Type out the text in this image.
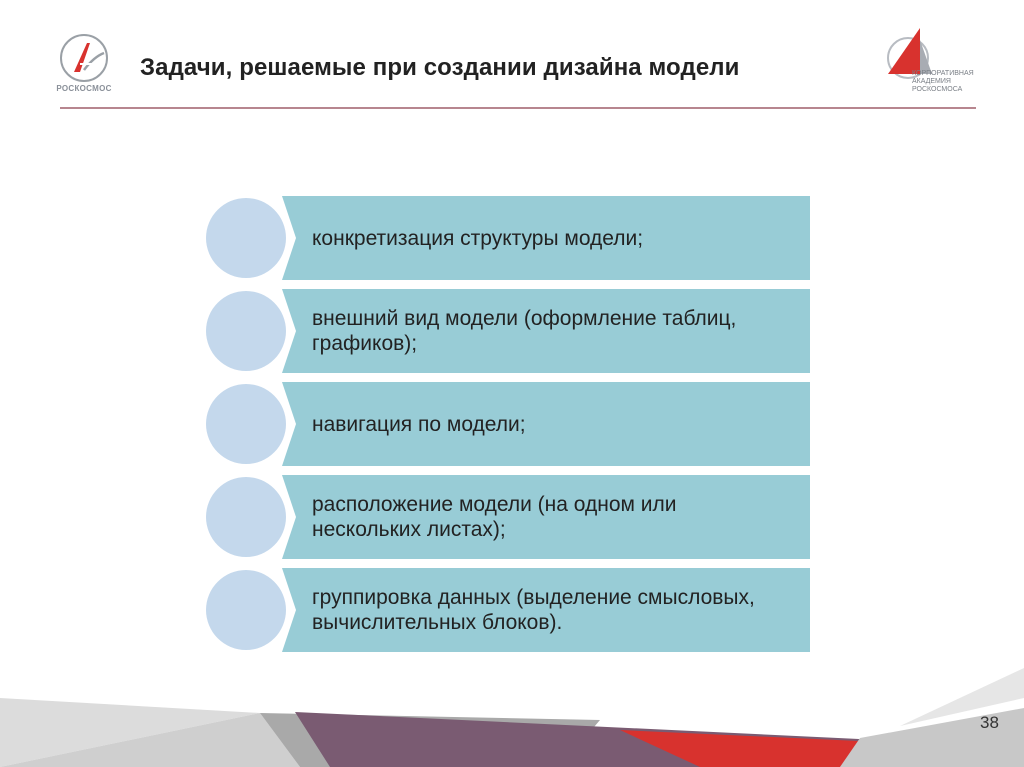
РОСКОСМОС
Задачи, решаемые при создании дизайна модели	КОРПОРАТИВНАЯ
АКАДЕМИЯ
РОСКОСМОСА
конкретизация структуры модели;
внешний вид модели (оформление таблиц, графиков);
навигация по модели;
расположение модели (на одном или нескольких листах);
группировка данных (выделение смысловых, вычислительных блоков).
38
